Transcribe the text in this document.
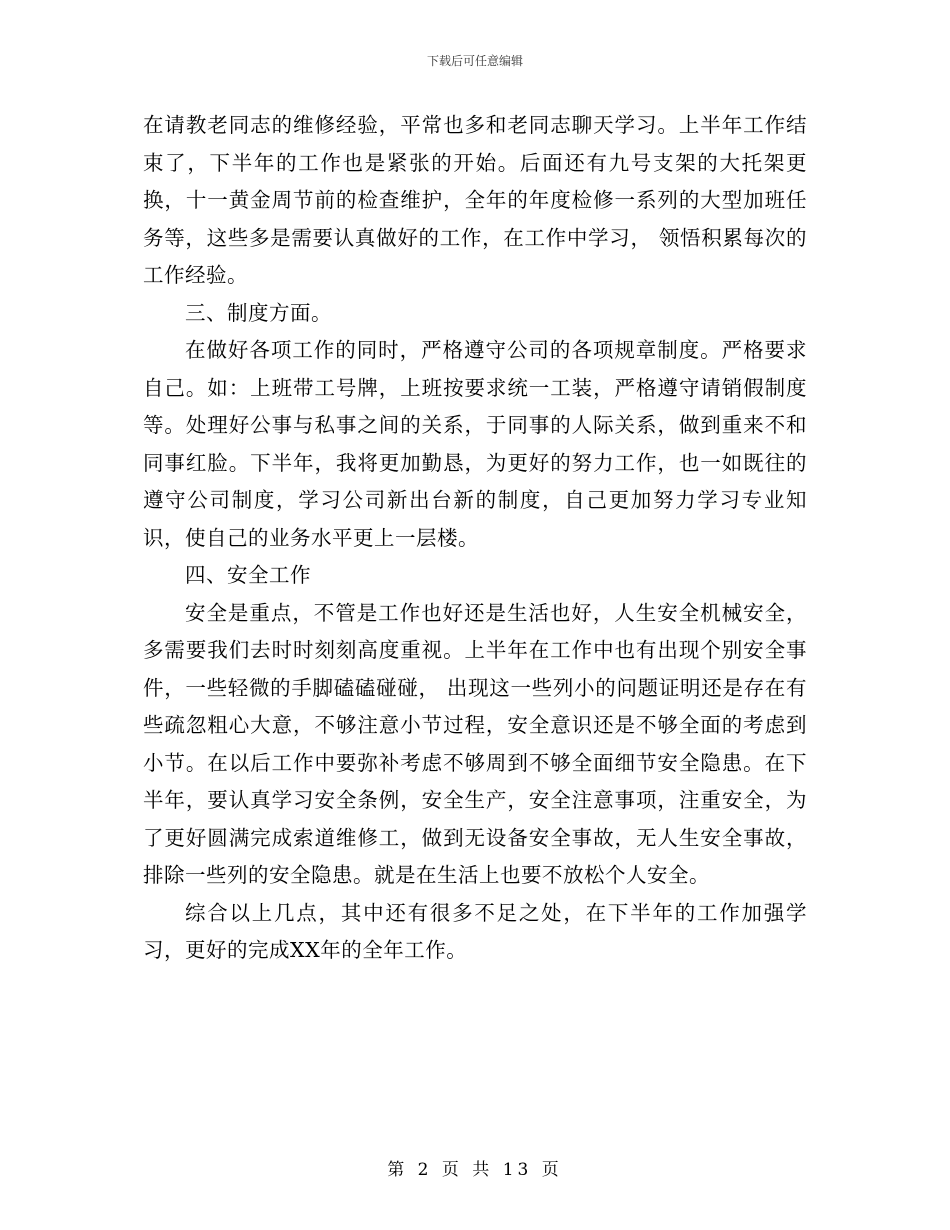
下载后可任意编辑

在请教老同志的维修经验，平常也多和老同志聊天学习。上半年工作结束了，下半年的工作也是紧张的开始。后面还有九号支架的大托架更换，十一黄金周节前的检查维护，全年的年度检修一系列的大型加班任务等，这些多是需要认真做好的工作，在工作中学习， 领悟积累每次的工作经验。

三、制度方面。

在做好各项工作的同时，严格遵守公司的各项规章制度。严格要求自己。如：上班带工号牌，上班按要求统一工装，严格遵守请销假制度等。处理好公事与私事之间的关系，于同事的人际关系，做到重来不和同事红脸。下半年，我将更加勤恳，为更好的努力工作，也一如既往的遵守公司制度，学习公司新出台新的制度，自己更加努力学习专业知识，使自己的业务水平更上一层楼。

四、安全工作

安全是重点，不管是工作也好还是生活也好，人生安全机械安全，多需要我们去时时刻刻高度重视。上半年在工作中也有出现个别安全事件，一些轻微的手脚磕磕碰碰， 出现这一些列小的问题证明还是存在有些疏忽粗心大意，不够注意小节过程，安全意识还是不够全面的考虑到小节。在以后工作中要弥补考虑不够周到不够全面细节安全隐患。在下半年，要认真学习安全条例，安全生产，安全注意事项，注重安全，为了更好圆满完成索道维修工，做到无设备安全事故，无人生安全事故，排除一些列的安全隐患。就是在生活上也要不放松个人安全。

综合以上几点，其中还有很多不足之处，在下半年的工作加强学习，更好的完成XX年的全年工作。

第 2 页 共 13 页
